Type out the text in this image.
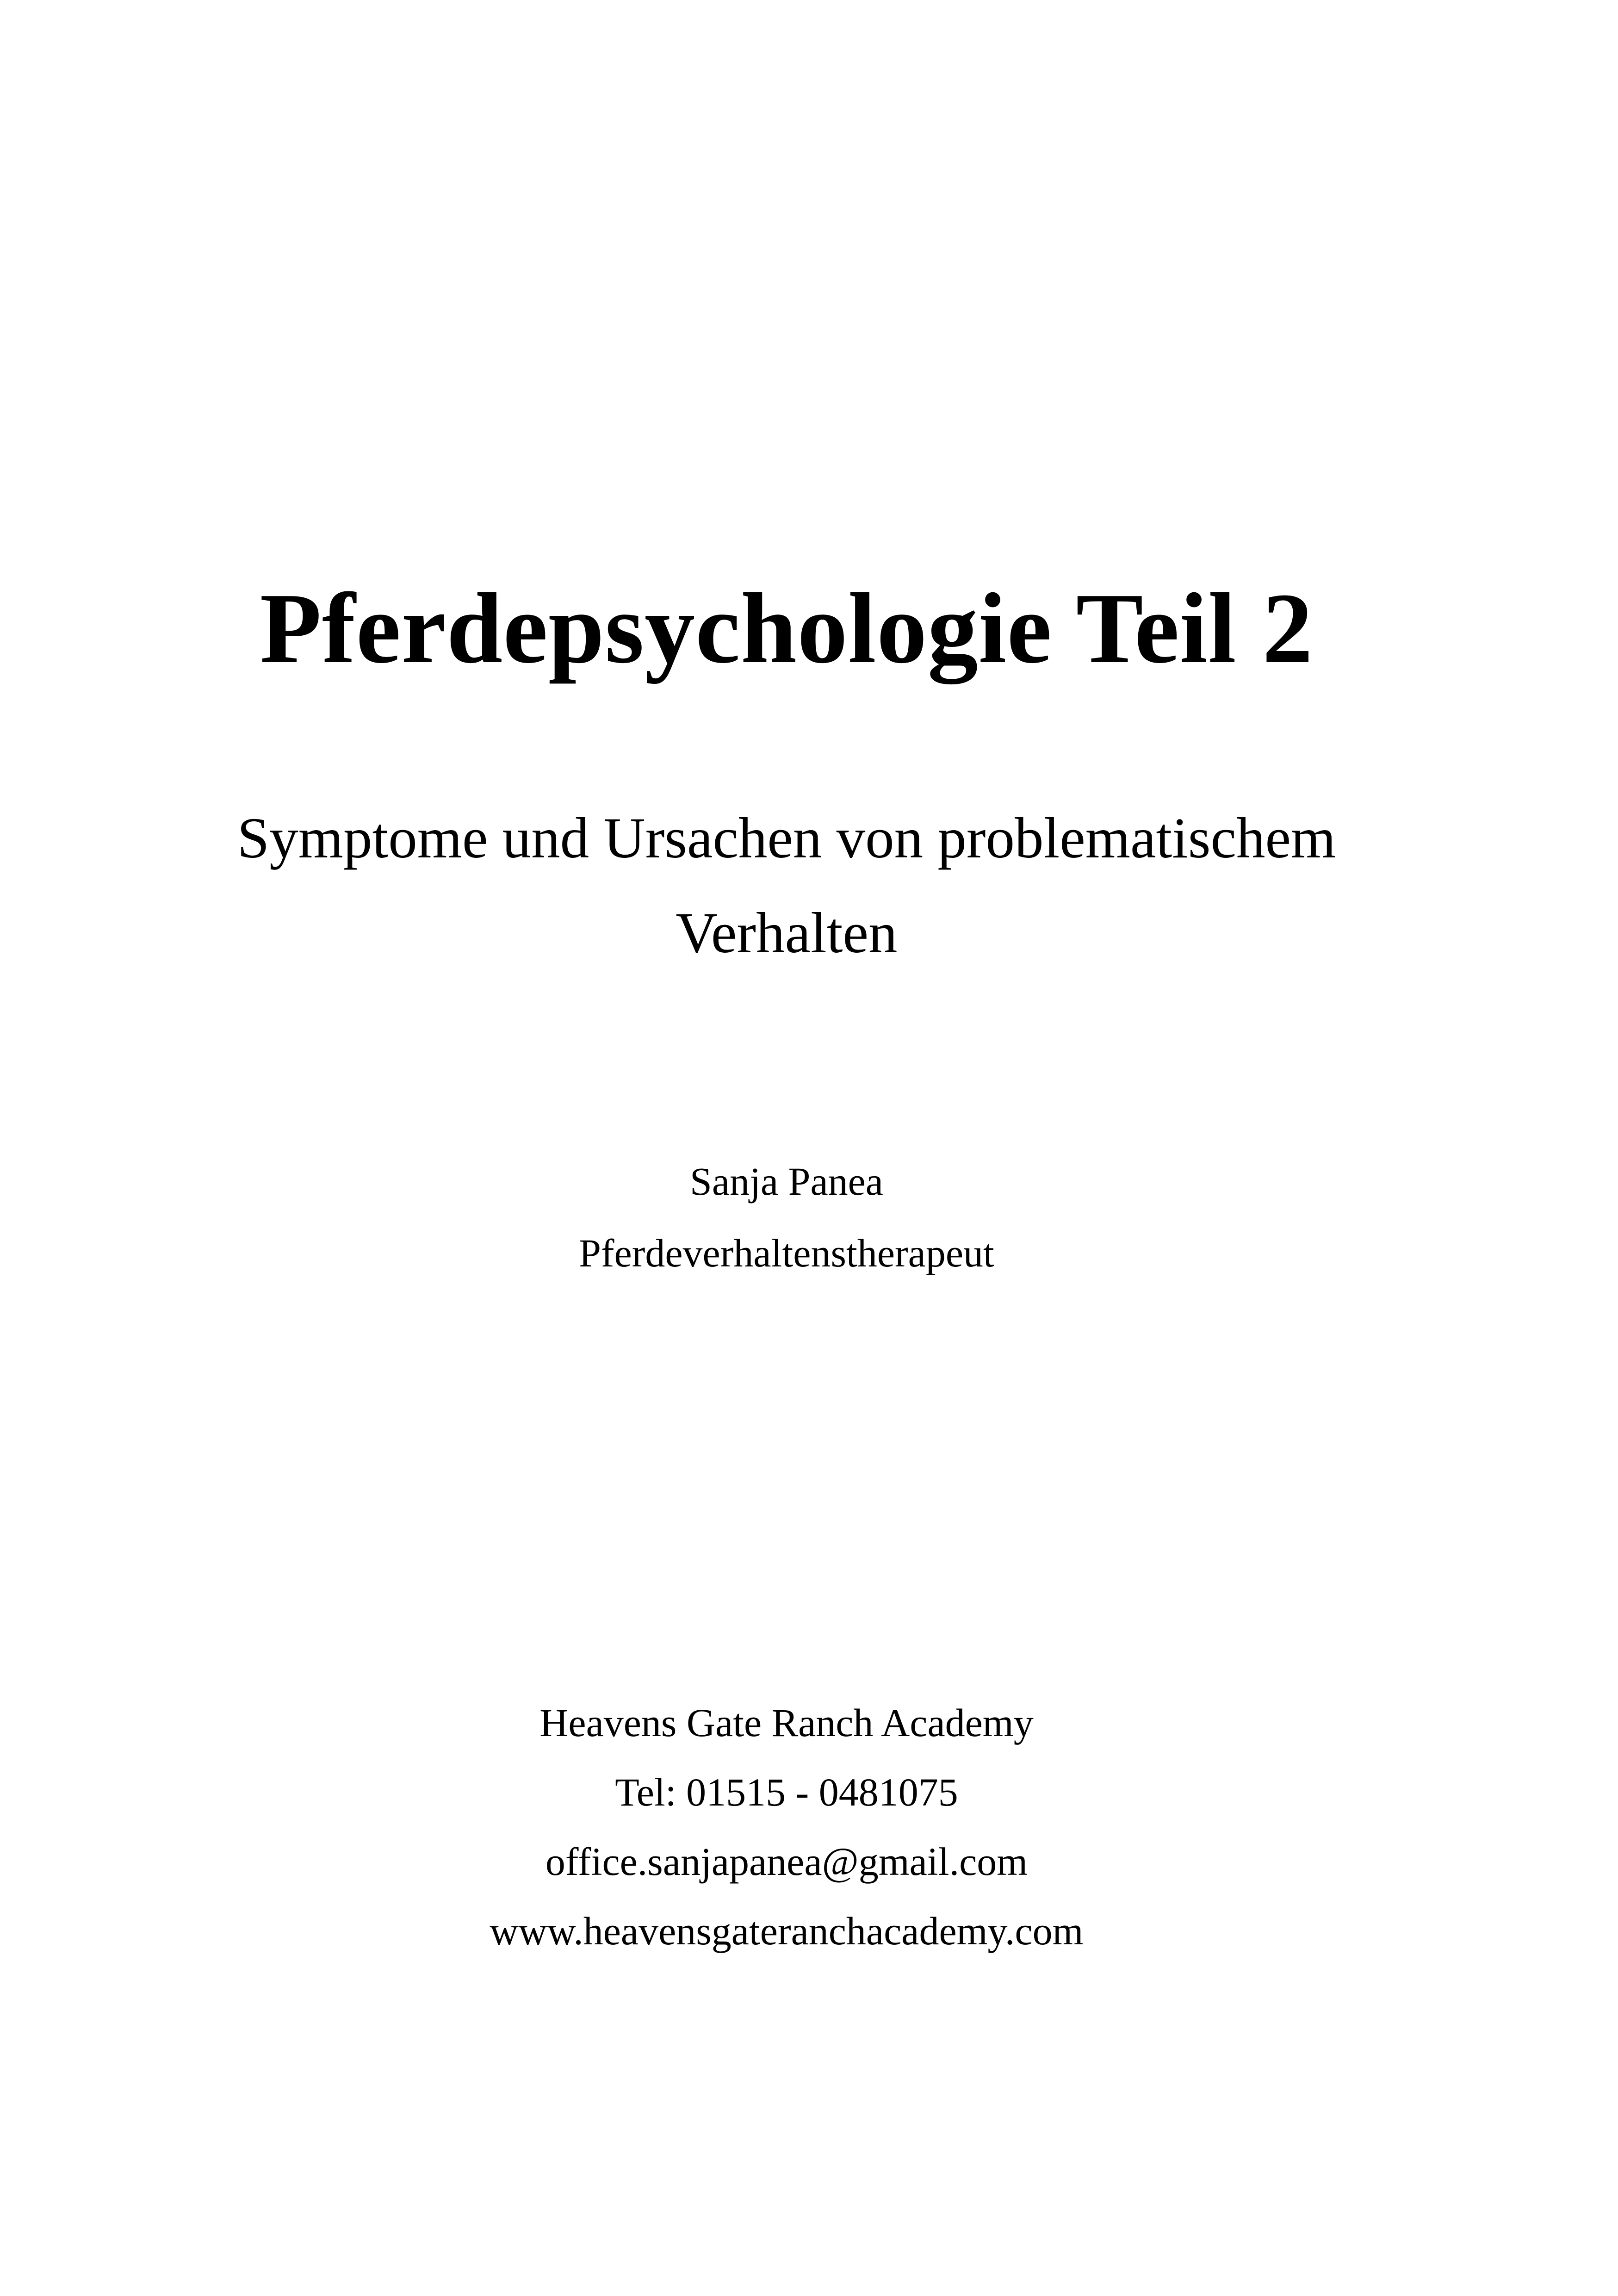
Pferdepsychologie Teil 2
Symptome und Ursachen von problematischem
Verhalten
Sanja Panea
Pferdeverhaltenstherapeut
Heavens Gate Ranch Academy
Tel: 01515 - 0481075
office.sanjapanea@gmail.com
www.heavensgateranchacademy.com
